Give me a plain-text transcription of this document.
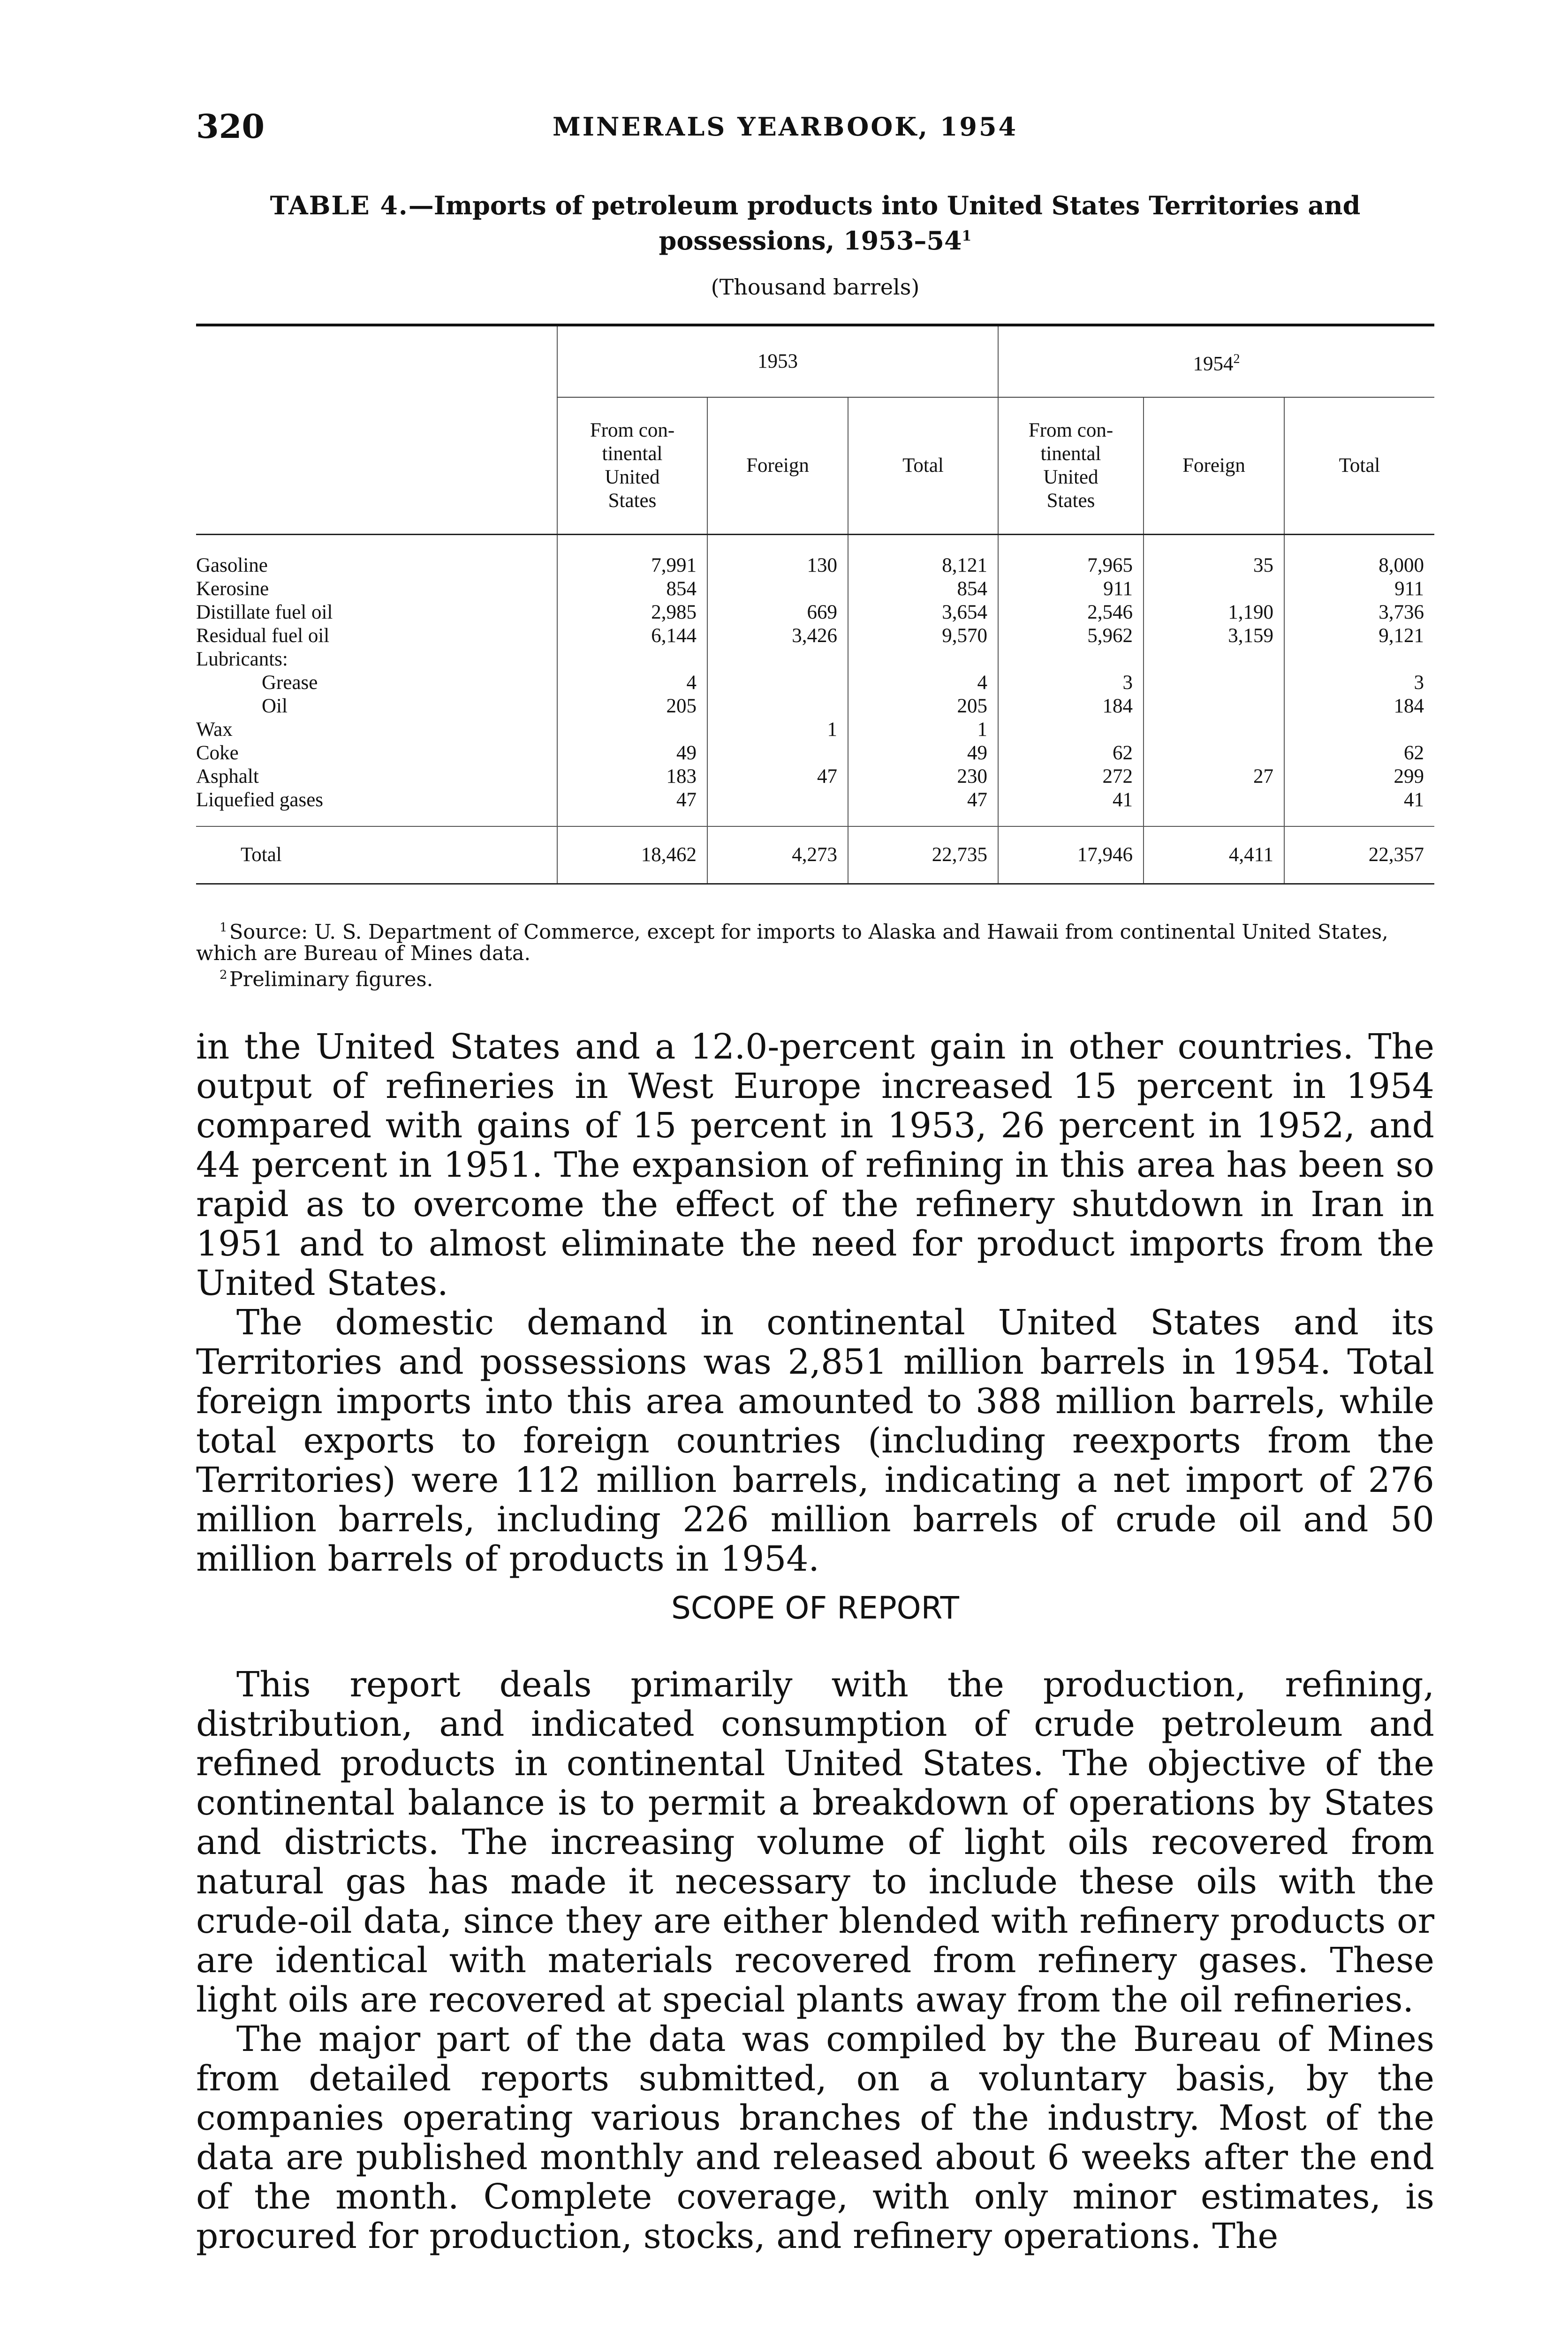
320	MINERALS YEARBOOK, 1954
TABLE 4.—Imports of petroleum products into United States Territories and
possessions, $1953-54^1$
(Thousand barrels)

	1953			1954$^2$
	From con-
tinental
United
States	Foreign	Total	From con-
tinental
United
States	Foreign	Total

Gasoline	7,991	130	8,121	7,965	35	8,000
Kerosine	854		854	911		911
Distillate fuel oil	2,985	669	3,654	2,546	1,190	3,736
Residual fuel oil	6,144	3,426	9,570	5,962	3,159	9,121
Lubricants:						
Grease	4		4	3		3
Oil	205		205	184		184
Wax		1	1			
Coke	49		49	62		62
Asphalt	183	47	230	272	27	299
Liquefied gases	47		47	41		41
Total	18,462	4,273	22,735	17,946	4,411	22,357

$^1$ Source: U. S. Department of Commerce, except for imports to Alaska and Hawaii from continental United States, which are Bureau of Mines data.

$^2$ Preliminary figures.

in the United States and a 12.0-percent gain in other countries. The output of refineries in West Europe increased 15 percent in 1954 compared with gains of 15 percent in 1953, 26 percent in 1952, and 44 percent in 1951. The expansion of refining in this area has been so rapid as to overcome the effect of the refinery shutdown in Iran in 1951 and to almost eliminate the need for product imports from the United States.

The domestic demand in continental United States and its Territories and possessions was 2,851 million barrels in 1954. Total foreign imports into this area amounted to 388 million barrels, while total exports to foreign countries (including reexports from the Territories) were 112 million barrels, indicating a net import of 276 million barrels, including 226 million barrels of crude oil and 50 million barrels of products in 1954.

SCOPE OF REPORT

This report deals primarily with the production, refining, distribution, and indicated consumption of crude petroleum and refined products in continental United States. The objective of the continental balance is to permit a breakdown of operations by States and districts. The increasing volume of light oils recovered from natural gas has made it necessary to include these oils with the crude-oil data, since they are either blended with refinery products or are identical with materials recovered from refinery gases. These light oils are recovered at special plants away from the oil refineries.

The major part of the data was compiled by the Bureau of Mines from detailed reports submitted, on a voluntary basis, by the companies operating various branches of the industry. Most of the data are published monthly and released about 6 weeks after the end of the month. Complete coverage, with only minor estimates, is procured for production, stocks, and refinery operations. The
